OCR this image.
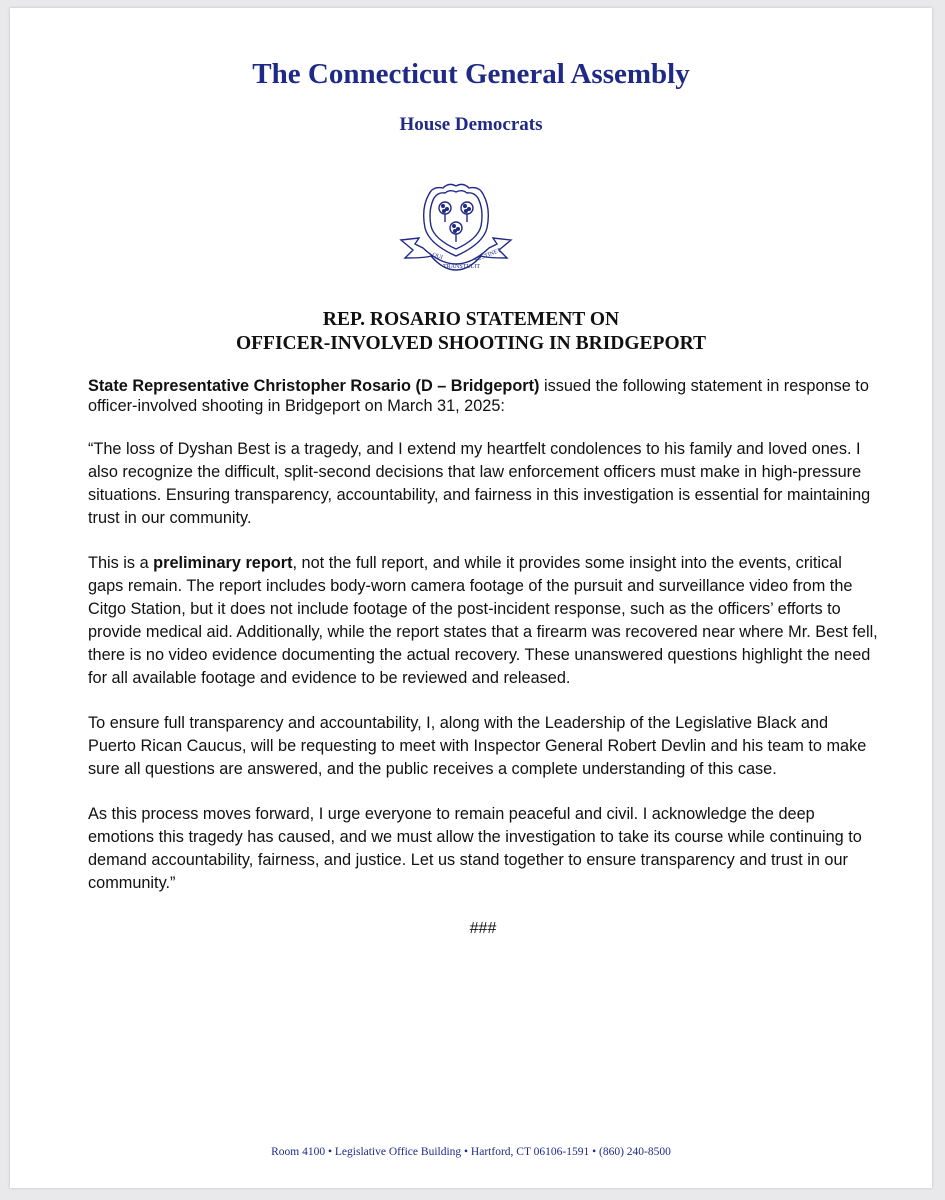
The Connecticut General Assembly
House Democrats
QUI
TRANSTULIT
SUSTINET
REP. ROSARIO STATEMENT ON
OFFICER-INVOLVED SHOOTING IN BRIDGEPORT

State Representative Christopher Rosario (D – Bridgeport) issued the following statement in response to officer-involved shooting in Bridgeport on March 31, 2025:

“The loss of Dyshan Best is a tragedy, and I extend my heartfelt condolences to his family and loved ones. I also recognize the difficult, split-second decisions that law enforcement officers must make in high-pressure situations. Ensuring transparency, accountability, and fairness in this investigation is essential for maintaining trust in our community.

This is a preliminary report, not the full report, and while it provides some insight into the events, critical gaps remain. The report includes body-worn camera footage of the pursuit and surveillance video from the Citgo Station, but it does not include footage of the post-incident response, such as the officers’ efforts to provide medical aid. Additionally, while the report states that a firearm was recovered near where Mr. Best fell, there is no video evidence documenting the actual recovery. These unanswered questions highlight the need for all available footage and evidence to be reviewed and released.

To ensure full transparency and accountability, I, along with the Leadership of the Legislative Black and Puerto Rican Caucus, will be requesting to meet with Inspector General Robert Devlin and his team to make sure all questions are answered, and the public receives a complete understanding of this case.

As this process moves forward, I urge everyone to remain peaceful and civil. I acknowledge the deep emotions this tragedy has caused, and we must allow the investigation to take its course while continuing to demand accountability, fairness, and justice. Let us stand together to ensure transparency and trust in our community.”

###

Room 4100 • Legislative Office Building • Hartford, CT 06106-1591 • (860) 240-8500
